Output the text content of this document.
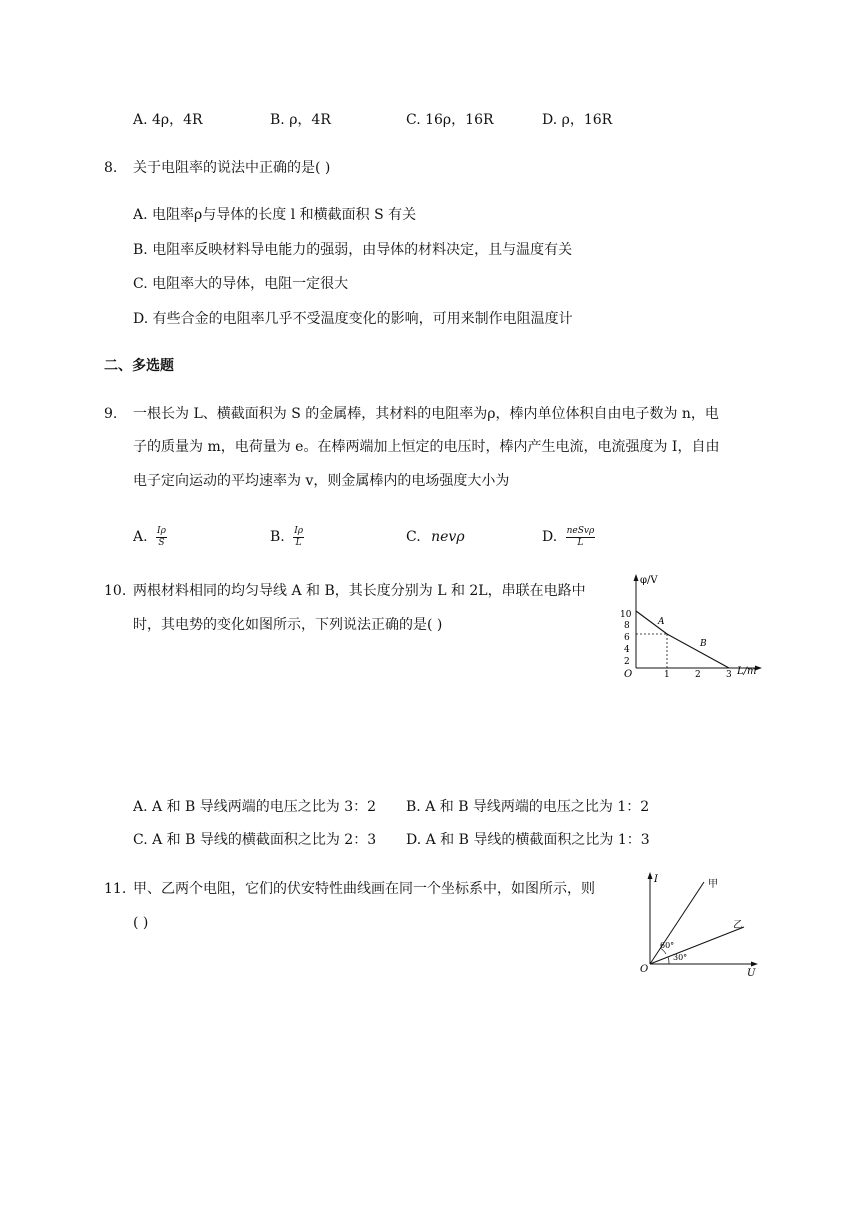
A. 4ρ，4R	B. ρ，4R	C. 16ρ，16R	D. ρ，16R
8. 关于电阻率的说法中正确的是( )
A. 电阻率ρ与导体的长度 l 和横截面积 S 有关
B. 电阻率反映材料导电能力的强弱，由导体的材料决定，且与温度有关
C. 电阻率大的导体，电阻一定很大
D. 有些合金的电阻率几乎不受温度变化的影响，可用来制作电阻温度计
二、多选题
9. 一根长为 L、横截面积为 S 的金属棒，其材料的电阻率为ρ，棒内单位体积自由电子数为 n，电
子的质量为 m，电荷量为 e。在棒两端加上恒定的电压时，棒内产生电流，电流强度为 I，自由
电子定向运动的平均速率为 v，则金属棒内的电场强度大小为
A. $\frac{I\rho}{S}$	B. $\frac{I\rho}{L}$	C. nevρ	D. $\frac{\text{neSvρ}}{L}$
10. 两根材料相同的均匀导线 A 和 B，其长度分别为 L 和 2L，串联在电路中
时，其电势的变化如图所示，下列说法正确的是( )
φ/V
L/m
O
10
8
6
4
2
1	2	3
A
B
A. A 和 B 导线两端的电压之比为 3：2 B. A 和 B 导线两端的电压之比为 1：2
C. A 和 B 导线的横截面积之比为 2：3 D. A 和 B 导线的横截面积之比为 1：3
11. 甲、乙两个电阻，它们的伏安特性曲线画在同一个坐标系中，如图所示，则
( )
I
U
O
甲
乙
60°
30°
